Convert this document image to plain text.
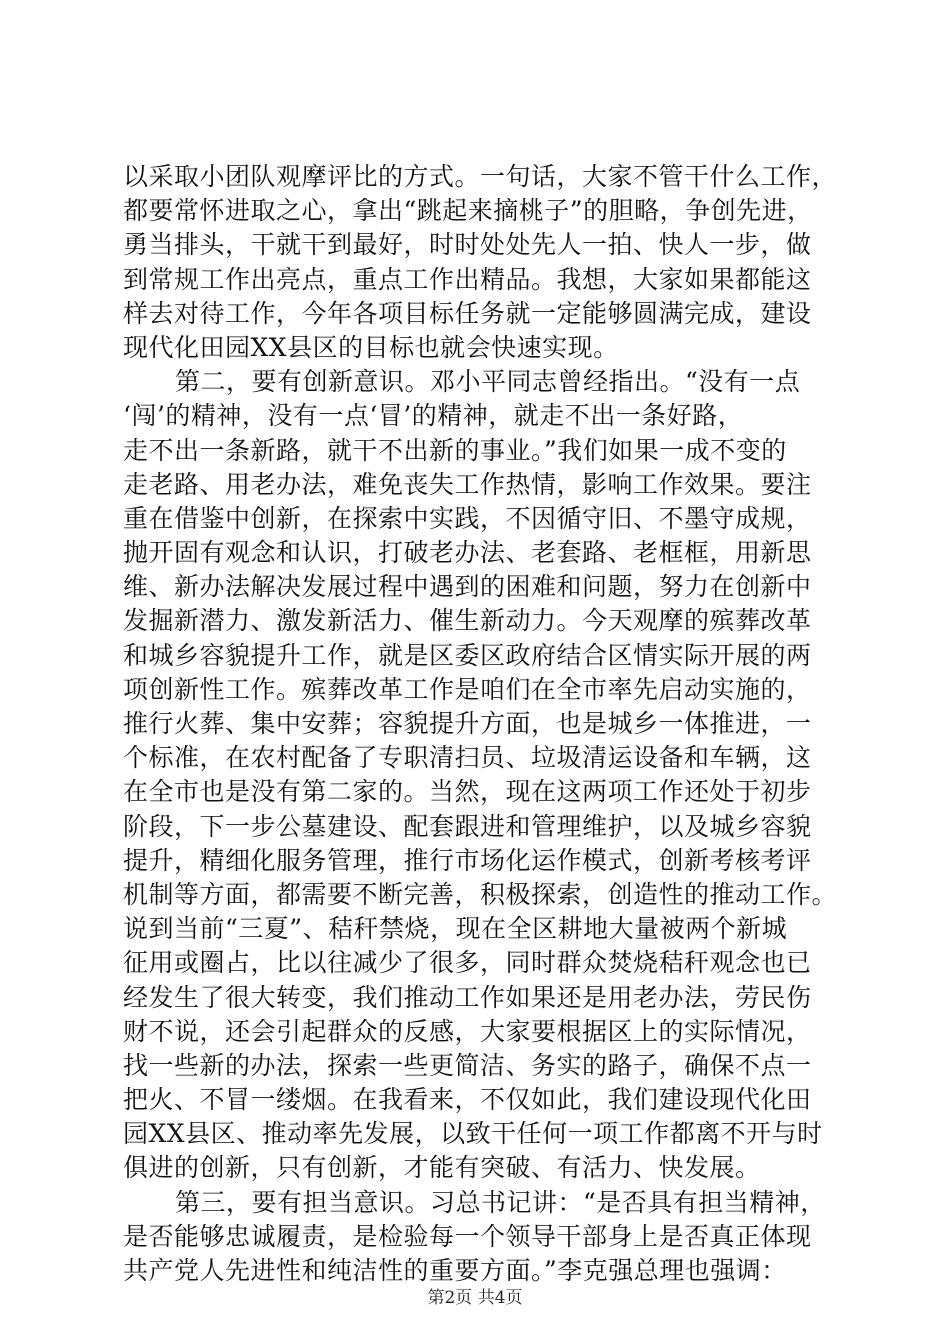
以采取小团队观摩评比的方式。一句话，大家不管干什么工作，
都要常怀进取之心，拿出“跳起来摘桃子”的胆略，争创先进，
勇当排头，干就干到最好，时时处处先人一拍、快人一步，做
到常规工作出亮点，重点工作出精品。我想，大家如果都能这
样去对待工作，今年各项目标任务就一定能够圆满完成，建设
现代化田园XX县区的目标也就会快速实现。
第二，要有创新意识。邓小平同志曾经指出。“没有一点
‘闯’的精神，没有一点‘冒’的精神，就走不出一条好路，
走不出一条新路，就干不出新的事业。”我们如果一成不变的
走老路、用老办法，难免丧失工作热情，影响工作效果。要注
重在借鉴中创新，在探索中实践，不因循守旧、不墨守成规，
抛开固有观念和认识，打破老办法、老套路、老框框，用新思
维、新办法解决发展过程中遇到的困难和问题，努力在创新中
发掘新潜力、激发新活力、催生新动力。今天观摩的殡葬改革
和城乡容貌提升工作，就是区委区政府结合区情实际开展的两
项创新性工作。殡葬改革工作是咱们在全市率先启动实施的，
推行火葬、集中安葬；容貌提升方面，也是城乡一体推进，一
个标准，在农村配备了专职清扫员、垃圾清运设备和车辆，这
在全市也是没有第二家的。当然，现在这两项工作还处于初步
阶段，下一步公墓建设、配套跟进和管理维护，以及城乡容貌
提升，精细化服务管理，推行市场化运作模式，创新考核考评
机制等方面，都需要不断完善，积极探索，创造性的推动工作。
说到当前“三夏”、秸秆禁烧，现在全区耕地大量被两个新城
征用或圈占，比以往减少了很多，同时群众焚烧秸秆观念也已
经发生了很大转变，我们推动工作如果还是用老办法，劳民伤
财不说，还会引起群众的反感，大家要根据区上的实际情况，
找一些新的办法，探索一些更简洁、务实的路子，确保不点一
把火、不冒一缕烟。在我看来，不仅如此，我们建设现代化田
园XX县区、推动率先发展，以致干任何一项工作都离不开与时
俱进的创新，只有创新，才能有突破、有活力、快发展。
第三，要有担当意识。习总书记讲：“是否具有担当精神，
是否能够忠诚履责，是检验每一个领导干部身上是否真正体现
共产党人先进性和纯洁性的重要方面。”李克强总理也强调：
第2页 共4页
